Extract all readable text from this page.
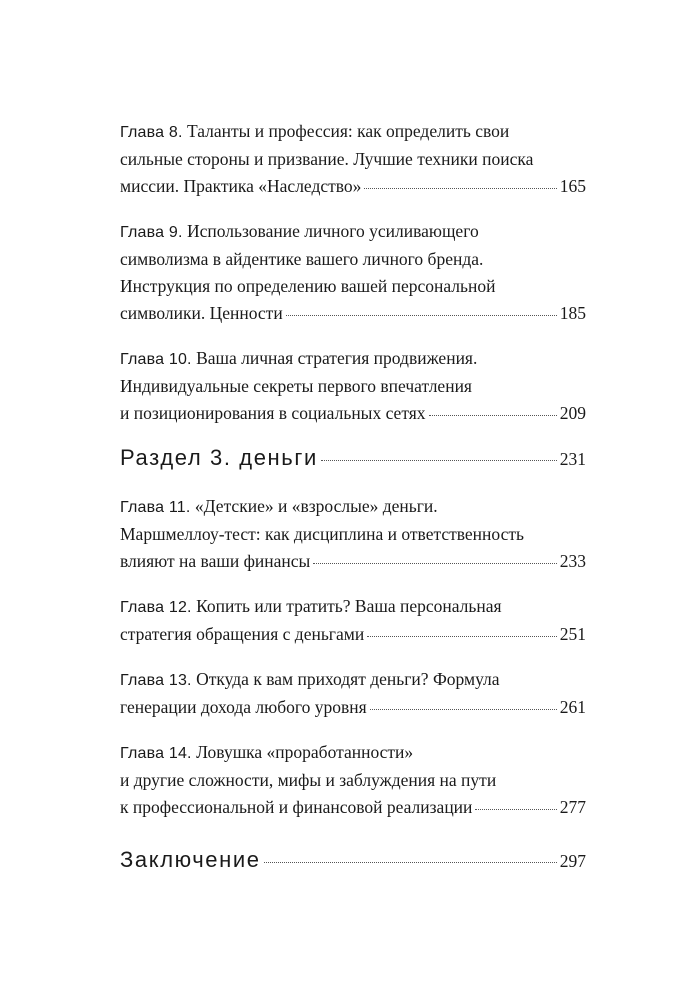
Глава 8. Таланты и профессия: как определить свои
сильные стороны и призвание. Лучшие техники поиска
миссии. Практика «Наследство»	165
Глава 9. Использование личного усиливающего
символизма в айдентике вашего личного бренда.
Инструкция по определению вашей персональной
символики. Ценности	185
Глава 10. Ваша личная стратегия продвижения.
Индивидуальные секреты первого впечатления
и позиционирования в социальных сетях	209
Раздел 3. деньги	231
Глава 11. «Детские» и «взрослые» деньги.
Маршмеллоу-тест: как дисциплина и ответственность
влияют на ваши финансы	233
Глава 12. Копить или тратить? Ваша персональная
стратегия обращения с деньгами	251
Глава 13. Откуда к вам приходят деньги? Формула
генерации дохода любого уровня	261
Глава 14. Ловушка «проработанности»
и другие сложности, мифы и заблуждения на пути
к профессиональной и финансовой реализации	277
Заключение	297
